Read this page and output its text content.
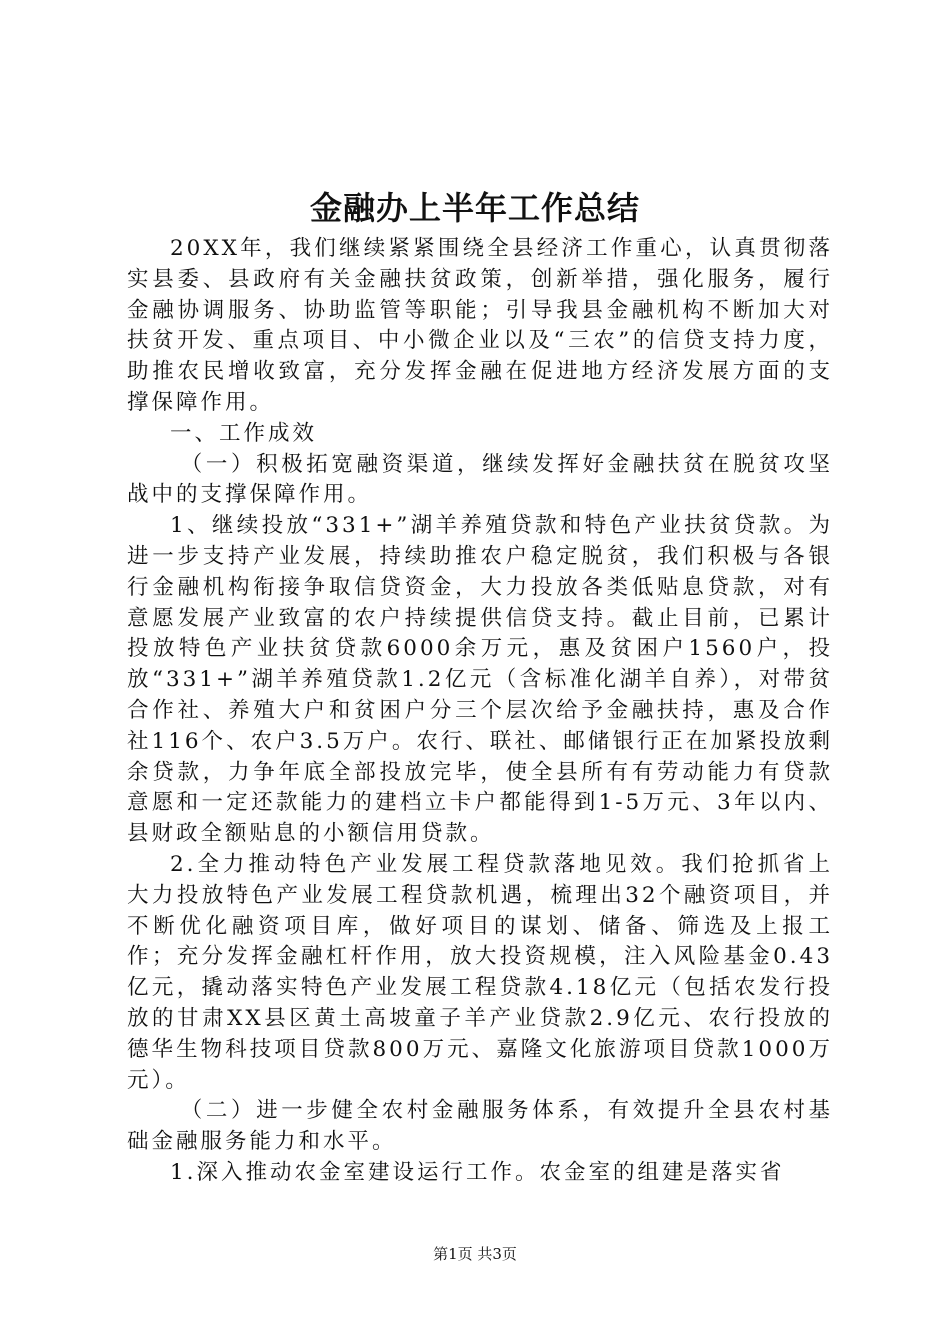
金融办上半年工作总结

20XX年，我们继续紧紧围绕全县经济工作重心，认真贯彻落实县委、县政府有关金融扶贫政策，创新举措，强化服务，履行金融协调服务、协助监管等职能；引导我县金融机构不断加大对扶贫开发、重点项目、中小微企业以及“三农”的信贷支持力度，助推农民增收致富，充分发挥金融在促进地方经济发展方面的支撑保障作用。

一、工作成效

（一）积极拓宽融资渠道，继续发挥好金融扶贫在脱贫攻坚战中的支撑保障作用。

1、继续投放“331+”湖羊养殖贷款和特色产业扶贫贷款。为进一步支持产业发展，持续助推农户稳定脱贫，我们积极与各银行金融机构衔接争取信贷资金，大力投放各类低贴息贷款，对有意愿发展产业致富的农户持续提供信贷支持。截止目前，已累计投放特色产业扶贫贷款6000余万元，惠及贫困户1560户，投放“331+”湖羊养殖贷款1.2亿元（含标准化湖羊自养），对带贫合作社、养殖大户和贫困户分三个层次给予金融扶持，惠及合作社116个、农户3.5万户。农行、联社、邮储银行正在加紧投放剩余贷款，力争年底全部投放完毕，使全县所有有劳动能力有贷款意愿和一定还款能力的建档立卡户都能得到1-5万元、3年以内、县财政全额贴息的小额信用贷款。

2.全力推动特色产业发展工程贷款落地见效。我们抢抓省上大力投放特色产业发展工程贷款机遇，梳理出32个融资项目，并不断优化融资项目库，做好项目的谋划、储备、筛选及上报工作；充分发挥金融杠杆作用，放大投资规模，注入风险基金0.43亿元，撬动落实特色产业发展工程贷款4.18亿元（包括农发行投放的甘肃XX县区黄土高坡童子羊产业贷款2.9亿元、农行投放的德华生物科技项目贷款800万元、嘉隆文化旅游项目贷款1000万元）。

（二）进一步健全农村金融服务体系，有效提升全县农村基础金融服务能力和水平。

1.深入推动农金室建设运行工作。农金室的组建是落实省

第1页 共3页
